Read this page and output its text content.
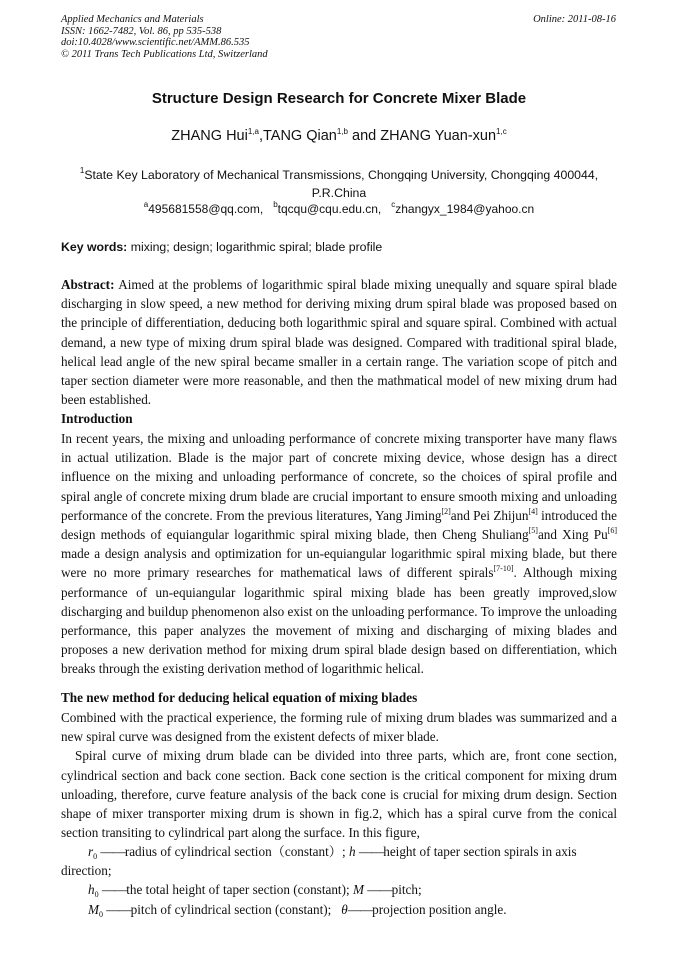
Applied Mechanics and Materials
ISSN: 1662-7482, Vol. 86, pp 535-538
doi:10.4028/www.scientific.net/AMM.86.535
© 2011 Trans Tech Publications Ltd, Switzerland
Online: 2011-08-16
Structure Design Research for Concrete Mixer Blade
ZHANG Hui$^{1,a}$,TANG Qian$^{1,b}$ and ZHANG Yuan-xun$^{1,c}$
$^1$State Key Laboratory of Mechanical Transmissions, Chongqing University, Chongqing 400044,
P.R.China
$^a$495681558@qq.com, $^b$tqcqu@cqu.edu.cn, $^c$zhangyx_1984@yahoo.cn
Key words: mixing; design; logarithmic spiral; blade profile
Abstract: Aimed at the problems of logarithmic spiral blade mixing unequally and square spiral blade discharging in slow speed, a new method for deriving mixing drum spiral blade was proposed based on the principle of differentiation, deducing both logarithmic spiral and square spiral. Combined with actual demand, a new type of mixing drum spiral blade was designed. Compared with traditional spiral blade, helical lead angle of the new spiral became smaller in a certain range. The variation scope of pitch and taper section diameter were more reasonable, and then the mathmatical model of new mixing drum had been established.
Introduction
In recent years, the mixing and unloading performance of concrete mixing transporter have many flaws in actual utilization. Blade is the major part of concrete mixing device, whose design has a direct influence on the mixing and unloading performance of concrete, so the choices of spiral profile and spiral angle of concrete mixing drum blade are crucial important to ensure smooth mixing and unloading performance of the concrete. From the previous literatures, Yang Jiming[2]and Pei Zhijun[4] introduced the design methods of equiangular logarithmic spiral mixing blade, then Cheng Shuliang[5]and Xing Pu[6] made a design analysis and optimization for un-equiangular logarithmic spiral mixing blade, but there were no more primary researches for mathematical laws of different spirals[7-10]. Although mixing performance of un-equiangular logarithmic spiral mixing blade has been greatly improved,slow discharging and buildup phenomenon also exist on the unloading performance. To improve the unloading performance, this paper analyzes the movement of mixing and discharging of mixing blades and proposes a new derivation method for mixing drum spiral blade design based on differentiation, which breaks through the existing derivation method of logarithmic helical.
The new method for deducing helical equation of mixing blades
Combined with the practical experience, the forming rule of mixing drum blades was summarized and a new spiral curve was designed from the existent defects of mixer blade.
Spiral curve of mixing drum blade can be divided into three parts, which are, front cone section, cylindrical section and back cone section. Back cone section is the critical component for mixing drum unloading, therefore, curve feature analysis of the back cone is crucial for mixing drum design. Section shape of mixer transporter mixing drum is shown in fig.2, which has a spiral curve from the conical section transiting to cylindrical part along the surface. In this figure,
$r_0$ ——radius of cylindrical section（constant）; h ——height of taper section spirals in axis
direction;
$h_0$ ——the total height of taper section (constant); M ——pitch;
$M_0$ ——pitch of cylindrical section (constant); θ——projection position angle.
